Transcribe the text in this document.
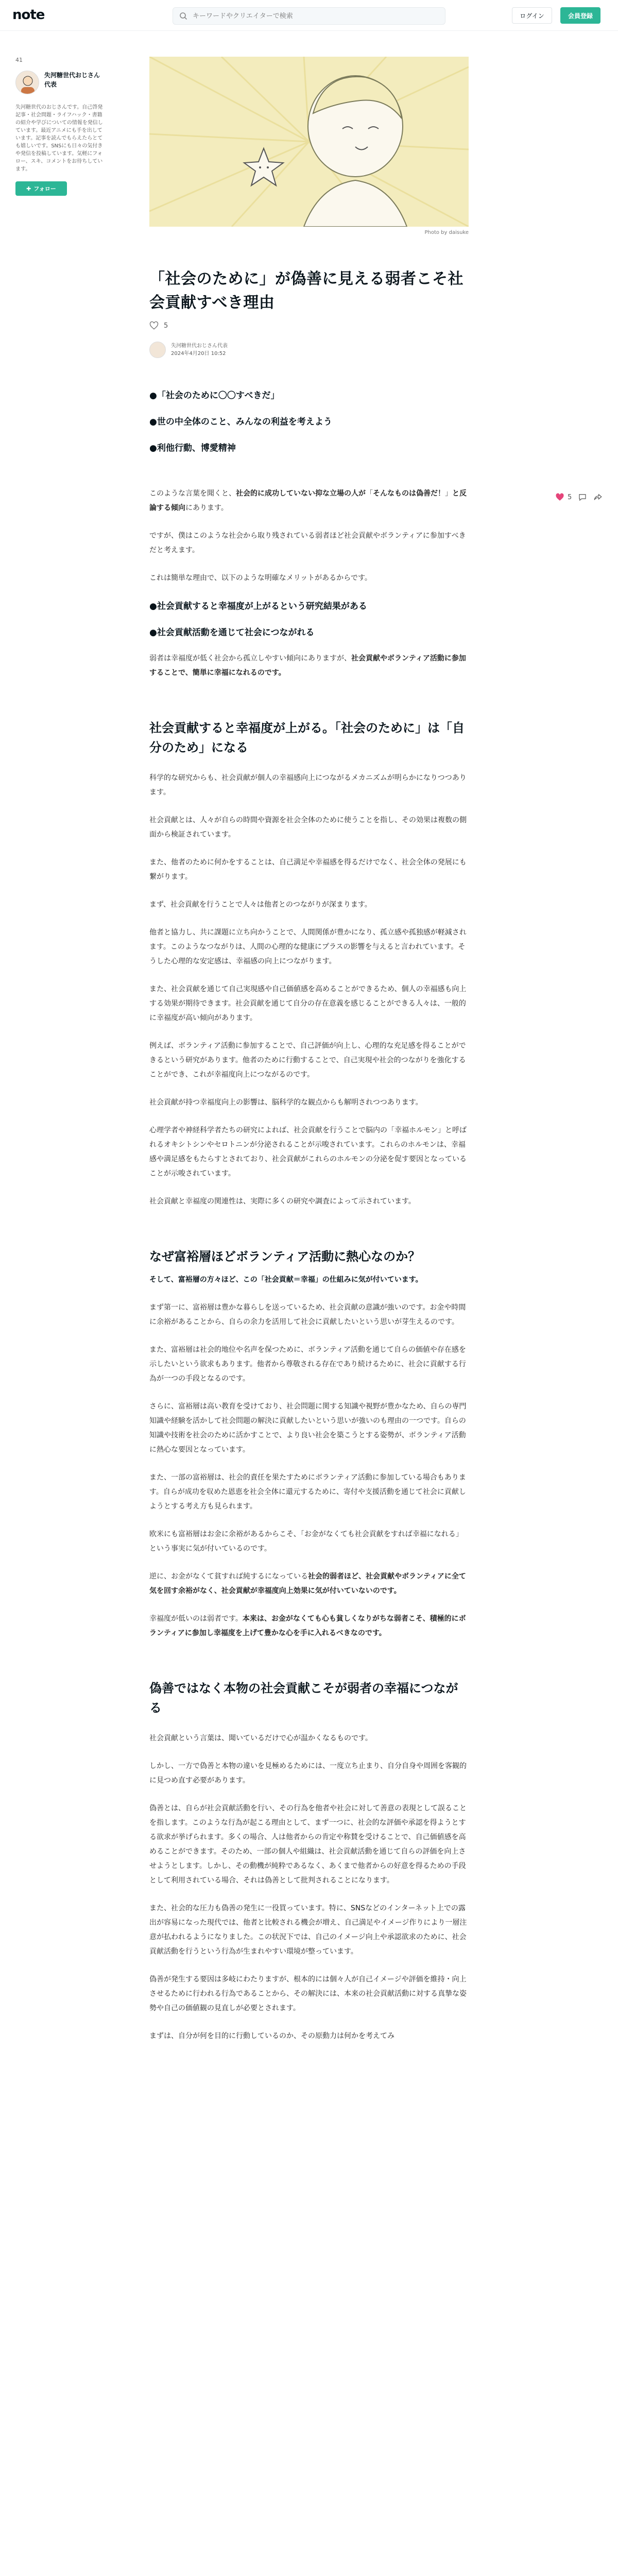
note
キーワードやクリエイターで検索	ログイン	会員登録
41
失河糖世代おじさん代表
失河糖世代のおじさんです。自己啓発記事・社会問題・ライフハック・書籍の紹介や学びについての情報を発信しています。最近アニメにも手を出しています。記事を読んでもらえたらとても嬉しいです。SNSにも日々の気付きや発信を投稿しています。気軽にフォロー、スキ、コメントをお待ちしています。
✚ フォロー
Photo by daisuke
「社会のために」が偽善に見える弱者こそ社会貢献すべき理由
5
失河糖世代おじさん代表
2024年4月20日 10:52
●「社会のために〇〇すべきだ」
●世の中全体のこと、みんなの利益を考えよう
●利他行動、博愛精神

このような言葉を聞くと、社会的に成功していない抑な立場の人が「そんなものは偽善だ！」と反論する傾向にあります。

ですが、僕はこのような社会から取り残されている弱者ほど社会貢献やボランティアに参加すべきだと考えます。

これは簡単な理由で、以下のような明確なメリットがあるからです。

●社会貢献すると幸福度が上がるという研究結果がある
●社会貢献活動を通じて社会につながれる

弱者は幸福度が低く社会から孤立しやすい傾向にありますが、社会貢献やボランティア活動に参加することで、簡単に幸福になれるのです。

社会貢献すると幸福度が上がる。「社会のために」は「自分のため」になる

科学的な研究からも、社会貢献が個人の幸福感向上につながるメカニズムが明らかになりつつあります。

社会貢献とは、人々が自らの時間や資源を社会全体のために使うことを指し、その効果は複数の側面から検証されています。

また、他者のために何かをすることは、自己満足や幸福感を得るだけでなく、社会全体の発展にも繋がります。

まず、社会貢献を行うことで人々は他者とのつながりが深まります。

他者と協力し、共に課題に立ち向かうことで、人間関係が豊かになり、孤立感や孤独感が軽減されます。このようなつながりは、人間の心理的な健康にプラスの影響を与えると言われています。そうした心理的な安定感は、幸福感の向上につながります。

また、社会貢献を通じて自己実現感や自己価値感を高めることができるため、個人の幸福感も向上する効果が期待できます。社会貢献を通じて自分の存在意義を感じることができる人々は、一般的に幸福度が高い傾向があります。

例えば、ボランティア活動に参加することで、自己評価が向上し、心理的な充足感を得ることができるという研究があります。他者のために行動することで、自己実現や社会的つながりを強化することができ、これが幸福度向上につながるのです。

社会貢献が持つ幸福度向上の影響は、脳科学的な観点からも解明されつつあります。

心理学者や神経科学者たちの研究によれば、社会貢献を行うことで脳内の「幸福ホルモン」と呼ばれるオキシトシンやセロトニンが分泌されることが示唆されています。これらのホルモンは、幸福感や満足感をもたらすとされており、社会貢献がこれらのホルモンの分泌を促す要因となっていることが示唆されています。

社会貢献と幸福度の関連性は、実際に多くの研究や調査によって示されています。

なぜ富裕層ほどボランティア活動に熱心なのか？

そして、富裕層の方々ほど、この「社会貢献＝幸福」の仕組みに気が付いています。

まず第一に、富裕層は豊かな暮らしを送っているため、社会貢献の意識が強いのです。お金や時間に余裕があることから、自らの余力を活用して社会に貢献したいという思いが芽生えるのです。

また、富裕層は社会的地位や名声を保つために、ボランティア活動を通じて自らの価値や存在感を示したいという欲求もあります。他者から尊敬される存在であり続けるために、社会に貢献する行為が一つの手段となるのです。

さらに、富裕層は高い教育を受けており、社会問題に関する知識や視野が豊かなため、自らの専門知識や経験を活かして社会問題の解決に貢献したいという思いが強いのも理由の一つです。自らの知識や技術を社会のために活かすことで、より良い社会を築こうとする姿勢が、ボランティア活動に熱心な要因となっています。

また、一部の富裕層は、社会的責任を果たすためにボランティア活動に参加している場合もあります。自らが成功を収めた恩恵を社会全体に還元するために、寄付や支援活動を通じて社会に貢献しようとする考え方も見られます。

欧米にも富裕層はお金に余裕があるからこそ、「お金がなくても社会貢献をすれば幸福になれる」という事実に気が付いているのです。

逆に、お金がなくて貧すれば純するになっている社会的弱者ほど、社会貢献やボランティアに全て気を回す余裕がなく、社会貢献が幸福度向上効果に気が付いていないのです。

幸福度が低いのは弱者です。本来は、お金がなくても心も貧しくなりがちな弱者こそ、積極的にボランティアに参加し幸福度を上げて豊かな心を手に入れるべきなのです。

偽善ではなく本物の社会貢献こそが弱者の幸福につながる

社会貢献という言葉は、聞いているだけで心が温かくなるものです。

しかし、一方で偽善と本物の違いを見極めるためには、一度立ち止まり、自分自身や周囲を客観的に見つめ直す必要があります。

偽善とは、自らが社会貢献活動を行い、その行為を他者や社会に対して善意の表現として誤ることを指します。このような行為が起こる理由として、まず一つに、社会的な評価や承認を得ようとする欲求が挙げられます。多くの場合、人は他者からの肯定や称賛を受けることで、自己価値感を高めることができます。そのため、一部の個人や組織は、社会貢献活動を通じて自らの評価を向上させようとします。しかし、その動機が純粋であるなく、あくまで他者からの好意を得るための手段として利用されている場合、それは偽善として批判されることになります。

また、社会的な圧力も偽善の発生に一役買っています。特に、SNSなどのインターネット上での露出が容易になった現代では、他者と比較される機会が増え、自己満足やイメージ作りにより一層注意が払われるようになりました。この状況下では、自己のイメージ向上や承認欲求のために、社会貢献活動を行うという行為が生まれやすい環境が整っています。

偽善が発生する要因は多岐にわたりますが、根本的には個々人が自己イメージや評価を維持・向上させるために行われる行為であることから、その解決には、本来の社会貢献活動に対する真摯な姿勢や自己の価値観の見直しが必要とされます。

まずは、自分が何を目的に行動しているのか、その原動力は何かを考えてみ

5
